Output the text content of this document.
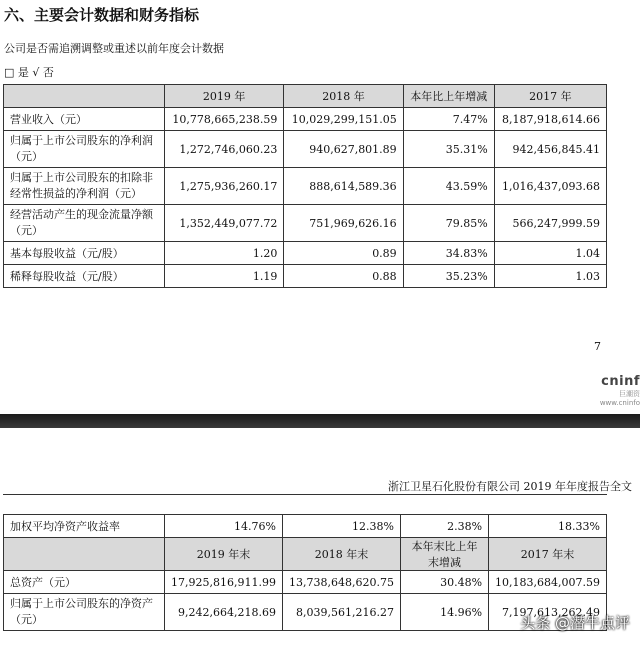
六、主要会计数据和财务指标
公司是否需追溯调整或重述以前年度会计数据
□ 是 √ 否
	2019 年	2018 年	本年比上年增减	2017 年
营业收入（元）	10,778,665,238.59	10,029,299,151.05	7.47%	8,187,918,614.66
归属于上市公司股东的净利润（元）	1,272,746,060.23	940,627,801.89	35.31%	942,456,845.41
归属于上市公司股东的扣除非经常性损益的净利润（元）	1,275,936,260.17	888,614,589.36	43.59%	1,016,437,093.68
经营活动产生的现金流量净额（元）	1,352,449,077.72	751,969,626.16	79.85%	566,247,999.59
基本每股收益（元/股）	1.20	0.89	34.83%	1.04
稀释每股收益（元/股）	1.19	0.88	35.23%	1.03
7
cninf
巨潮资
www.cninfo
浙江卫星石化股份有限公司 2019 年年度报告全文
加权平均净资产收益率	14.76%	12.38%	2.38%	18.33%
	2019 年末	2018 年末	本年末比上年末增减	2017 年末
总资产（元）	17,925,816,911.99	13,738,648,620.75	30.48%	10,183,684,007.59
归属于上市公司股东的净资产（元）	9,242,664,218.69	8,039,561,216.27	14.96%	7,197,613,262.49
头条 @潜牛点评
